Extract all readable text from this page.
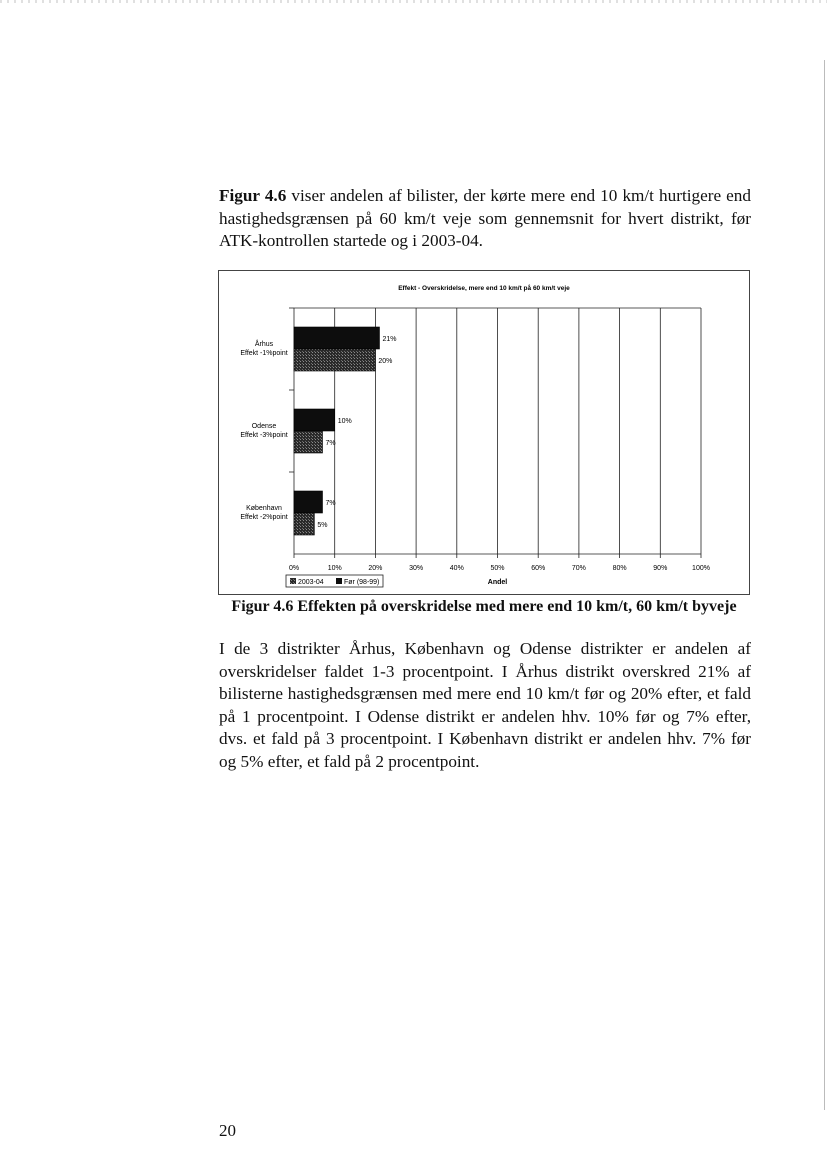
Figur 4.6 viser andelen af bilister, der kørte mere end 10 km/t hurtigere end hastighedsgrænsen på 60 km/t veje som gennemsnit for hvert distrikt, før ATK-kontrollen startede og i 2003-04.

Effekt - Overskridelse, mere end 10 km/t på 60 km/t veje
0%	10%	20%	30%	40%	50%	60%	70%	80%	90%	100%
Århus
Effekt -1%point
21%
20%
Odense
Effekt -3%point
10%
7%
København
Effekt -2%point
7%
5%
Andel
2003-04	Før (98-99)
Figur 4.6 Effekten på overskridelse med mere end 10 km/t, 60 km/t byveje

I de 3 distrikter Århus, København og Odense distrikter er andelen af overskridelser faldet 1-3 procentpoint. I Århus distrikt overskred 21% af bilisterne hastighedsgrænsen med mere end 10 km/t før og 20% efter, et fald på 1 procentpoint. I Odense distrikt er andelen hhv. 10% før og 7% efter, dvs. et fald på 3 procentpoint. I København distrikt er andelen hhv. 7% før og 5% efter, et fald på 2 procentpoint.

20
